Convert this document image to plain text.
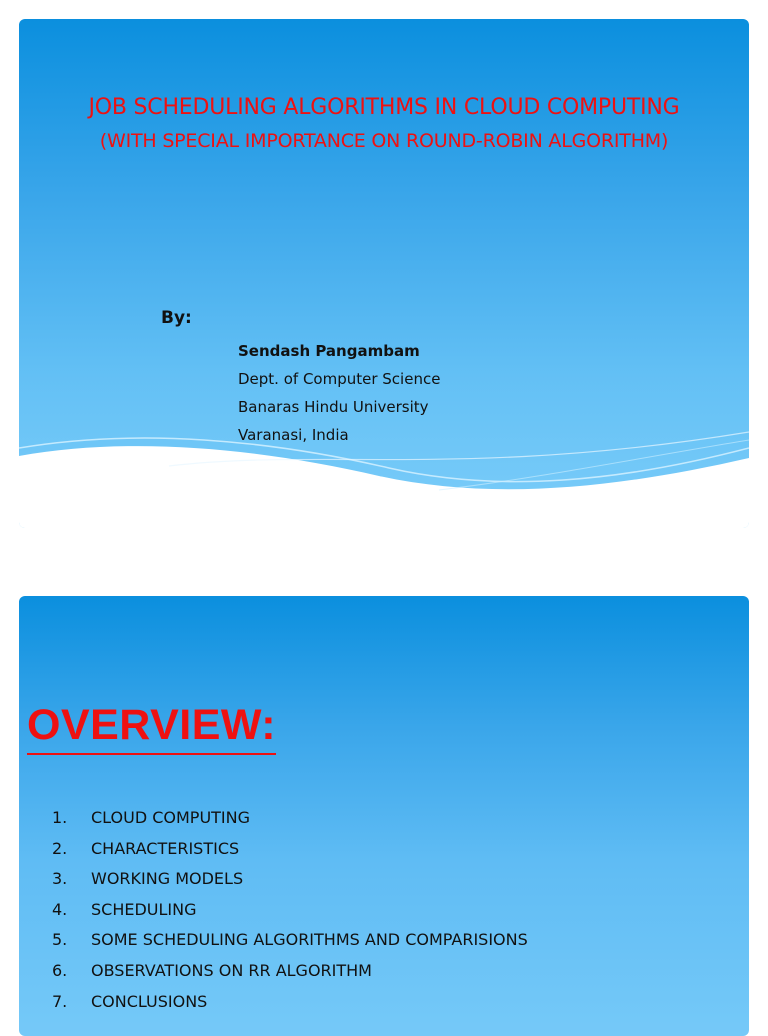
JOB SCHEDULING ALGORITHMS IN CLOUD COMPUTING
(WITH SPECIAL IMPORTANCE ON ROUND-ROBIN ALGORITHM)
By:
Sendash Pangambam
Dept. of Computer Science
Banaras Hindu University
Varanasi, India
OVERVIEW:
1. CLOUD COMPUTING
2. CHARACTERISTICS
3. WORKING MODELS
4. SCHEDULING
5. SOME SCHEDULING ALGORITHMS AND COMPARISIONS
6. OBSERVATIONS ON RR ALGORITHM
7. CONCLUSIONS
